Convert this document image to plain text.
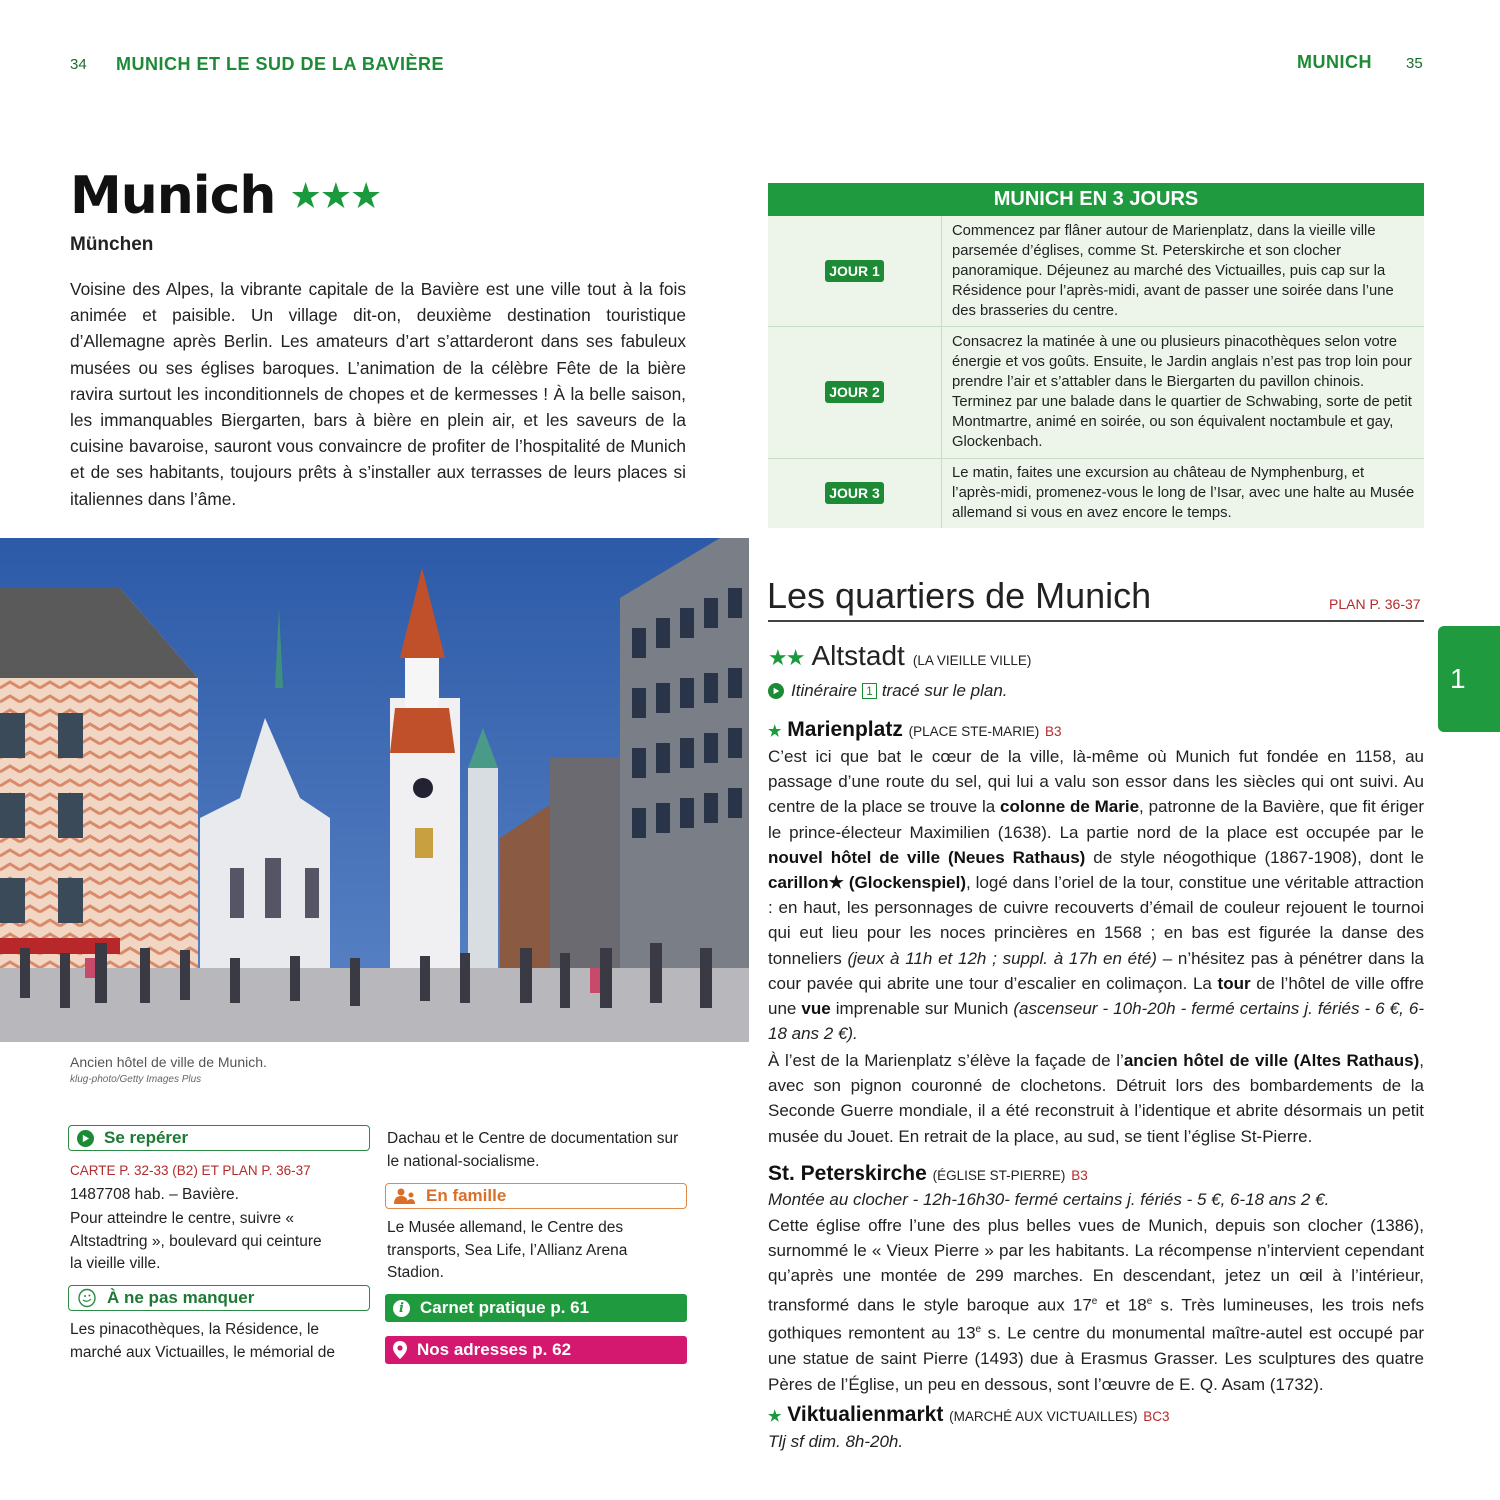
34 MUNICH ET LE SUD DE LA BAVIÈRE	MUNICH 35
Munich ★★★
München
Voisine des Alpes, la vibrante capitale de la Bavière est une ville tout à la fois animée et paisible. Un village dit-on, deuxième destination touristique d’Allemagne après Berlin. Les amateurs d’art s’attarderont dans ses fabuleux musées ou ses églises baroques. L’animation de la célèbre Fête de la bière ravira surtout les inconditionnels de chopes et de kermesses ! À la belle saison, les immanquables Biergarten, bars à bière en plein air, et les saveurs de la cuisine bavaroise, sauront vous convaincre de profiter de l’hospitalité de Munich et de ses habitants, toujours prêts à s’installer aux terrasses de leurs places si italiennes dans l’âme.
Ancien hôtel de ville de Munich.
klug-photo/Getty Images Plus
Se repérer
CARTE P. 32-33 (B2) ET PLAN P. 36-37
1487708 hab. – Bavière.
Pour atteindre le centre, suivre « Altstadtring », boulevard qui ceinture la vieille ville.
À ne pas manquer
Les pinacothèques, la Résidence, le marché aux Victuailles, le mémorial de
Dachau et le Centre de documentation sur le national-socialisme.
En famille
Le Musée allemand, le Centre des transports, Sea Life, l’Allianz Arena Stadion.
i Carnet pratique p. 61
Nos adresses p. 62
MUNICH EN 3 JOURS	
JOUR 1	Commencez par flâner autour de Marienplatz, dans la vieille ville parsemée d’églises, comme St. Peterskirche et son clocher panoramique. Déjeunez au marché des Victuailles, puis cap sur la Résidence pour l’après-midi, avant de passer une soirée dans l’une des brasseries du centre.
JOUR 2	Consacrez la matinée à une ou plusieurs pinacothèques selon votre énergie et vos goûts. Ensuite, le Jardin anglais n’est pas trop loin pour prendre l’air et s’attabler dans le Biergarten du pavillon chinois. Terminez par une balade dans le quartier de Schwabing, sorte de petit Montmartre, animé en soirée, ou son équivalent noctambule et gay, Glockenbach.
JOUR 3	Le matin, faites une excursion au château de Nymphenburg, et l’après-midi, promenez-vous le long de l’Isar, avec une halte au Musée allemand si vous en avez encore le temps.
Les quartiers de Munich	PLAN P. 36-37
★★ Altstadt (LA VIEILLE VILLE)
Itinéraire 1 tracé sur le plan.
★ Marienplatz (PLACE STE-MARIE) B3
C’est ici que bat le cœur de la ville, là-même où Munich fut fondée en 1158, au passage d’une route du sel, qui lui a valu son essor dans les siècles qui ont suivi. Au centre de la place se trouve la colonne de Marie, patronne de la Bavière, que fit ériger le prince-électeur Maximilien (1638). La partie nord de la place est occupée par le nouvel hôtel de ville (Neues Rathaus) de style néogothique (1867-1908), dont le carillon★ (Glockenspiel), logé dans l’oriel de la tour, constitue une véritable attraction : en haut, les personnages de cuivre recouverts d’émail de couleur rejouent le tournoi qui eut lieu pour les noces princières en 1568 ; en bas est figurée la danse des tonneliers (jeux à 11h et 12h ; suppl. à 17h en été) – n’hésitez pas à pénétrer dans la cour pavée qui abrite une tour d’escalier en colimaçon. La tour de l’hôtel de ville offre une vue imprenable sur Munich (ascenseur - 10h-20h - fermé certains j. fériés - 6 €, 6-18 ans 2 €).
À l’est de la Marienplatz s’élève la façade de l’ancien hôtel de ville (Altes Rathaus), avec son pignon couronné de clochetons. Détruit lors des bombardements de la Seconde Guerre mondiale, il a été reconstruit à l’identique et abrite désormais un petit musée du Jouet. En retrait de la place, au sud, se tient l’église St-Pierre.
St. Peterskirche (ÉGLISE ST-PIERRE) B3
Montée au clocher - 12h-16h30- fermé certains j. fériés - 5 €, 6-18 ans 2 €.
Cette église offre l’une des plus belles vues de Munich, depuis son clocher (1386), surnommé le « Vieux Pierre » par les habitants. La récompense n’intervient cependant qu’après une montée de 299 marches. En descendant, jetez un œil à l’intérieur, transformé dans le style baroque aux 17e et 18e s. Très lumineuses, les trois nefs gothiques remontent au 13e s. Le centre du monumental maître-autel est occupé par une statue de saint Pierre (1493) due à Erasmus Grasser. Les sculptures des quatre Pères de l’Église, un peu en dessous, sont l’œuvre de E. Q. Asam (1732).
★ Viktualienmarkt (MARCHÉ AUX VICTUAILLES) BC3
Tlj sf dim. 8h-20h.
1
